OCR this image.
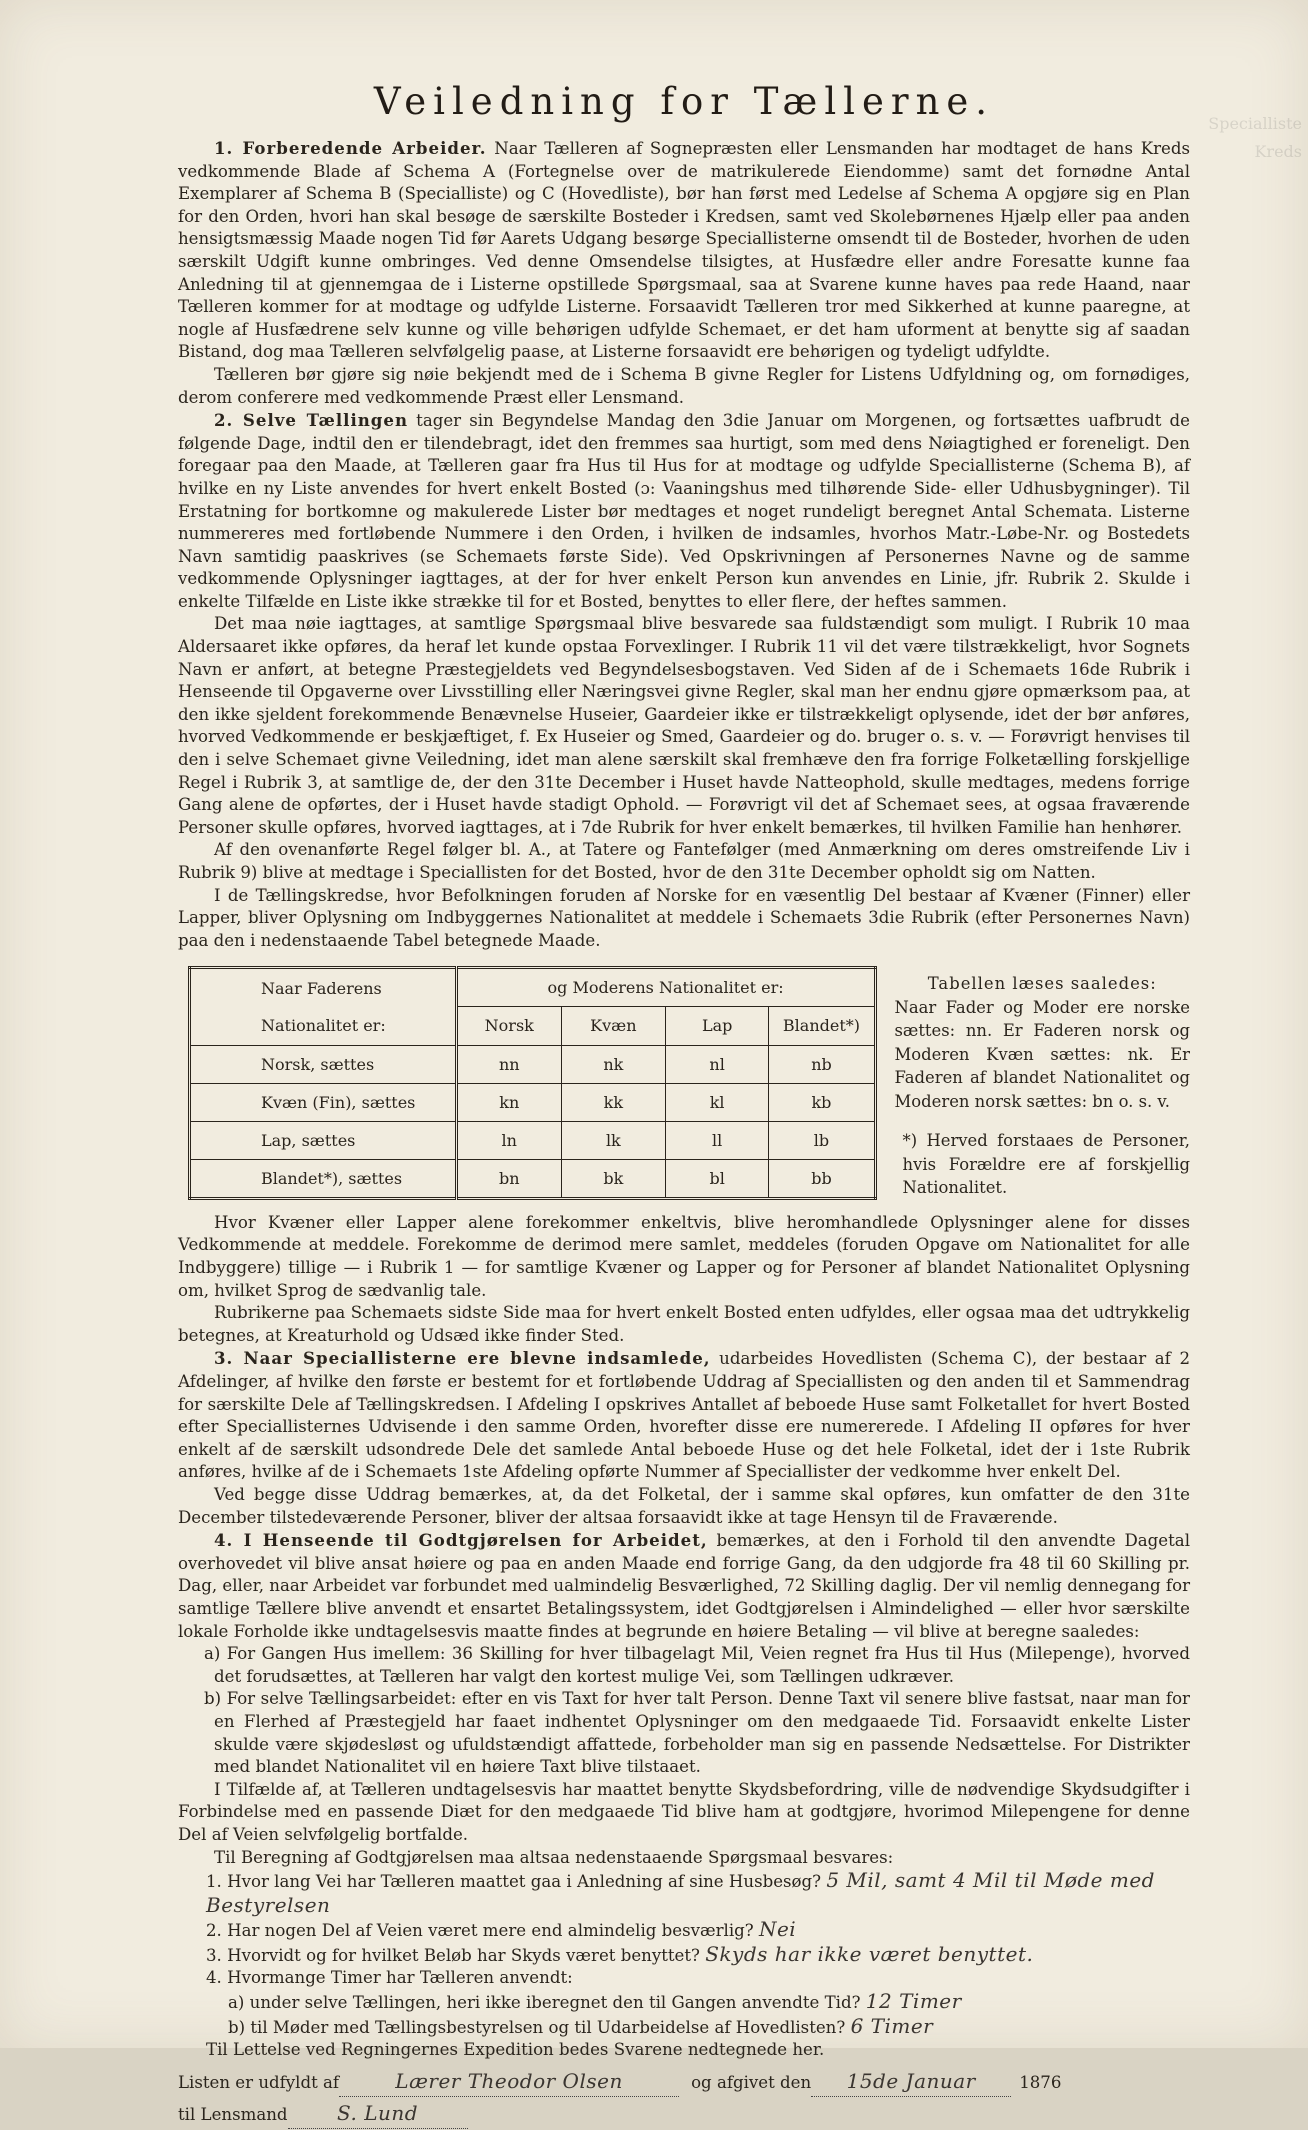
Specialliste Kreds
Veiledning for Tællerne.

1. Forberedende Arbeider. Naar Tælleren af Sognepræsten eller Lensmanden har modtaget de hans Kreds vedkommende Blade af Schema A (Fortegnelse over de matrikulerede Eiendomme) samt det fornødne Antal Exemplarer af Schema B (Specialliste) og C (Hovedliste), bør han først med Ledelse af Schema A opgjøre sig en Plan for den Orden, hvori han skal besøge de særskilte Bosteder i Kredsen, samt ved Skolebørnenes Hjælp eller paa anden hensigtsmæssig Maade nogen Tid før Aarets Udgang besørge Speciallisterne omsendt til de Bosteder, hvorhen de uden særskilt Udgift kunne ombringes. Ved denne Omsendelse tilsigtes, at Husfædre eller andre Foresatte kunne faa Anledning til at gjennemgaa de i Listerne opstillede Spørgsmaal, saa at Svarene kunne haves paa rede Haand, naar Tælleren kommer for at modtage og udfylde Listerne. Forsaavidt Tælleren tror med Sikkerhed at kunne paaregne, at nogle af Husfædrene selv kunne og ville behørigen udfylde Schemaet, er det ham uforment at benytte sig af saadan Bistand, dog maa Tælleren selvfølgelig paase, at Listerne forsaavidt ere behørigen og tydeligt udfyldte.

Tælleren bør gjøre sig nøie bekjendt med de i Schema B givne Regler for Listens Udfyldning og, om fornødiges, derom conferere med vedkommende Præst eller Lensmand.

2. Selve Tællingen tager sin Begyndelse Mandag den 3die Januar om Morgenen, og fortsættes uafbrudt de følgende Dage, indtil den er tilendebragt, idet den fremmes saa hurtigt, som med dens Nøiagtighed er foreneligt. Den foregaar paa den Maade, at Tælleren gaar fra Hus til Hus for at modtage og udfylde Speciallisterne (Schema B), af hvilke en ny Liste anvendes for hvert enkelt Bosted (ɔ: Vaaningshus med tilhørende Side- eller Udhusbygninger). Til Erstatning for bortkomne og makulerede Lister bør medtages et noget rundeligt beregnet Antal Schemata. Listerne nummereres med fortløbende Nummere i den Orden, i hvilken de indsamles, hvorhos Matr.-Løbe-Nr. og Bostedets Navn samtidig paaskrives (se Schemaets første Side). Ved Opskrivningen af Personernes Navne og de samme vedkommende Oplysninger iagttages, at der for hver enkelt Person kun anvendes en Linie, jfr. Rubrik 2. Skulde i enkelte Tilfælde en Liste ikke strække til for et Bosted, benyttes to eller flere, der heftes sammen.

Det maa nøie iagttages, at samtlige Spørgsmaal blive besvarede saa fuldstændigt som muligt. I Rubrik 10 maa Aldersaaret ikke opføres, da heraf let kunde opstaa Forvexlinger. I Rubrik 11 vil det være tilstrækkeligt, hvor Sognets Navn er anført, at betegne Præstegjeldets ved Begyndelsesbogstaven. Ved Siden af de i Schemaets 16de Rubrik i Henseende til Opgaverne over Livsstilling eller Næringsvei givne Regler, skal man her endnu gjøre opmærksom paa, at den ikke sjeldent forekommende Benævnelse Huseier, Gaardeier ikke er tilstrækkeligt oplysende, idet der bør anføres, hvorved Vedkommende er beskjæftiget, f. Ex Huseier og Smed, Gaardeier og do. bruger o. s. v. — Forøvrigt henvises til den i selve Schemaet givne Veiledning, idet man alene særskilt skal fremhæve den fra forrige Folketælling forskjellige Regel i Rubrik 3, at samtlige de, der den 31te December i Huset havde Natteophold, skulle medtages, medens forrige Gang alene de opførtes, der i Huset havde stadigt Ophold. — Forøvrigt vil det af Schemaet sees, at ogsaa fraværende Personer skulle opføres, hvorved iagttages, at i 7de Rubrik for hver enkelt bemærkes, til hvilken Familie han henhører.

Af den ovenanførte Regel følger bl. A., at Tatere og Fantefølger (med Anmærkning om deres omstreifende Liv i Rubrik 9) blive at medtage i Speciallisten for det Bosted, hvor de den 31te December opholdt sig om Natten.

I de Tællingskredse, hvor Befolkningen foruden af Norske for en væsentlig Del bestaar af Kvæner (Finner) eller Lapper, bliver Oplysning om Indbyggernes Nationalitet at meddele i Schemaets 3die Rubrik (efter Personernes Navn) paa den i nedenstaaende Tabel betegnede Maade.

Naar Faderens	og Moderens Nationalitet er:			
Nationalitet er:	Norsk	Kvæn	Lap	Blandet*)
Norsk, sættes	nn	nk	nl	nb
Kvæn (Fin), sættes	kn	kk	kl	kb
Lap, sættes	ln	lk	ll	lb
Blandet*), sættes	bn	bk	bl	bb
Tabellen læses saaledes:
Naar Fader og Moder ere norske sættes: nn. Er Faderen norsk og Moderen Kvæn sættes: nk. Er Faderen af blandet Nationalitet og Moderen norsk sættes: bn o. s. v.
*) Herved forstaaes de Personer, hvis Forældre ere af forskjellig Nationalitet.

Hvor Kvæner eller Lapper alene forekommer enkeltvis, blive heromhandlede Oplysninger alene for disses Vedkommende at meddele. Forekomme de derimod mere samlet, meddeles (foruden Opgave om Nationalitet for alle Indbyggere) tillige — i Rubrik 1 — for samtlige Kvæner og Lapper og for Personer af blandet Nationalitet Oplysning om, hvilket Sprog de sædvanlig tale.

Rubrikerne paa Schemaets sidste Side maa for hvert enkelt Bosted enten udfyldes, eller ogsaa maa det udtrykkelig betegnes, at Kreaturhold og Udsæd ikke finder Sted.

3. Naar Speciallisterne ere blevne indsamlede, udarbeides Hovedlisten (Schema C), der bestaar af 2 Afdelinger, af hvilke den første er bestemt for et fortløbende Uddrag af Speciallisten og den anden til et Sammendrag for særskilte Dele af Tællingskredsen. I Afdeling I opskrives Antallet af beboede Huse samt Folketallet for hvert Bosted efter Speciallisternes Udvisende i den samme Orden, hvorefter disse ere numererede. I Afdeling II opføres for hver enkelt af de særskilt udsondrede Dele det samlede Antal beboede Huse og det hele Folketal, idet der i 1ste Rubrik anføres, hvilke af de i Schemaets 1ste Afdeling opførte Nummer af Speciallister der vedkomme hver enkelt Del.

Ved begge disse Uddrag bemærkes, at, da det Folketal, der i samme skal opføres, kun omfatter de den 31te December tilstedeværende Personer, bliver der altsaa forsaavidt ikke at tage Hensyn til de Fraværende.

4. I Henseende til Godtgjørelsen for Arbeidet, bemærkes, at den i Forhold til den anvendte Dagetal overhovedet vil blive ansat høiere og paa en anden Maade end forrige Gang, da den udgjorde fra 48 til 60 Skilling pr. Dag, eller, naar Arbeidet var forbundet med ualmindelig Besværlighed, 72 Skilling daglig. Der vil nemlig dennegang for samtlige Tællere blive anvendt et ensartet Betalingssystem, idet Godtgjørelsen i Almindelighed — eller hvor særskilte lokale Forholde ikke undtagelsesvis maatte findes at begrunde en høiere Betaling — vil blive at beregne saaledes:

a) For Gangen Hus imellem: 36 Skilling for hver tilbagelagt Mil, Veien regnet fra Hus til Hus (Milepenge), hvorved det forudsættes, at Tælleren har valgt den kortest mulige Vei, som Tællingen udkræver.

b) For selve Tællingsarbeidet: efter en vis Taxt for hver talt Person. Denne Taxt vil senere blive fastsat, naar man for en Flerhed af Præstegjeld har faaet indhentet Oplysninger om den medgaaede Tid. Forsaavidt enkelte Lister skulde være skjødesløst og ufuldstændigt affattede, forbeholder man sig en passende Nedsættelse. For Distrikter med blandet Nationalitet vil en høiere Taxt blive tilstaaet.

I Tilfælde af, at Tælleren undtagelsesvis har maattet benytte Skydsbefordring, ville de nødvendige Skydsudgifter i Forbindelse med en passende Diæt for den medgaaede Tid blive ham at godtgjøre, hvorimod Milepengene for denne Del af Veien selvfølgelig bortfalde.

Til Beregning af Godtgjørelsen maa altsaa nedenstaaende Spørgsmaal besvares:

1. Hvor lang Vei har Tælleren maattet gaa i Anledning af sine Husbesøg? 5 Mil, samt 4 Mil til Møde med Bestyrelsen
2. Har nogen Del af Veien været mere end almindelig besværlig? Nei
3. Hvorvidt og for hvilket Beløb har Skyds været benyttet? Skyds har ikke været benyttet.
4. Hvormange Timer har Tælleren anvendt:
a) under selve Tællingen, heri ikke iberegnet den til Gangen anvendte Tid? 12 Timer
b) til Møder med Tællingsbestyrelsen og til Udarbeidelse af Hovedlisten? 6 Timer
Til Lettelse ved Regningernes Expedition bedes Svarene nedtegnede her.
Listen er udfyldt af	Lærer Theodor Olsen	og afgivet den	15de Januar	1876
til Lensmand	S. Lund
